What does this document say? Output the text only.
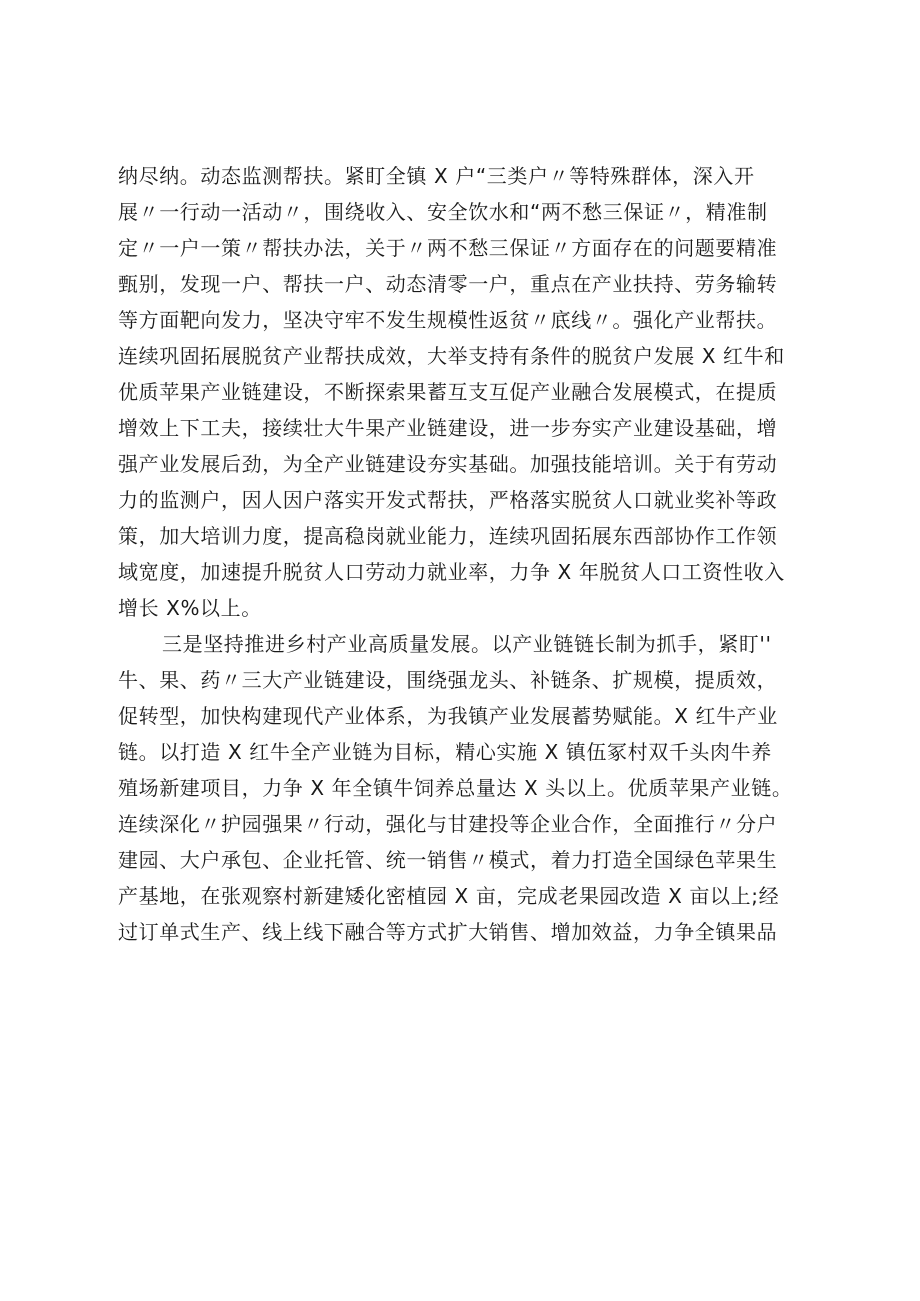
纳尽纳。动态监测帮扶。紧盯全镇 X 户“三类户〃等特殊群体，深入开
展〃一行动一活动〃，围绕收入、安全饮水和“两不愁三保证〃，精准制
定〃一户一策〃帮扶办法，关于〃两不愁三保证〃方面存在的问题要精准
甄别，发现一户、帮扶一户、动态清零一户，重点在产业扶持、劳务输转
等方面靶向发力，坚决守牢不发生规模性返贫〃底线〃。强化产业帮扶。
连续巩固拓展脱贫产业帮扶成效，大举支持有条件的脱贫户发展 X 红牛和
优质苹果产业链建设，不断探索果蓄互支互促产业融合发展模式，在提质
增效上下工夫，接续壮大牛果产业链建设，进一步夯实产业建设基础，增
强产业发展后劲，为全产业链建设夯实基础。加强技能培训。关于有劳动
力的监测户，因人因户落实开发式帮扶，严格落实脱贫人口就业奖补等政
策，加大培训力度，提高稳岗就业能力，连续巩固拓展东西部协作工作领
域宽度，加速提升脱贫人口劳动力就业率，力争 X 年脱贫人口工资性收入
增长 X%以上。
三是坚持推进乡村产业高质量发展。以产业链链长制为抓手，紧盯''
牛、果、药〃三大产业链建设，围绕强龙头、补链条、扩规模，提质效，
促转型，加快构建现代产业体系，为我镇产业发展蓄势赋能。X 红牛产业
链。以打造 X 红牛全产业链为目标，精心实施 X 镇伍冢村双千头肉牛养
殖场新建项目，力争 X 年全镇牛饲养总量达 X 头以上。优质苹果产业链。
连续深化〃护园强果〃行动，强化与甘建投等企业合作，全面推行〃分户
建园、大户承包、企业托管、统一销售〃模式，着力打造全国绿色苹果生
产基地，在张观察村新建矮化密植园 X 亩，完成老果园改造 X 亩以上;经
过订单式生产、线上线下融合等方式扩大销售、增加效益，力争全镇果品
